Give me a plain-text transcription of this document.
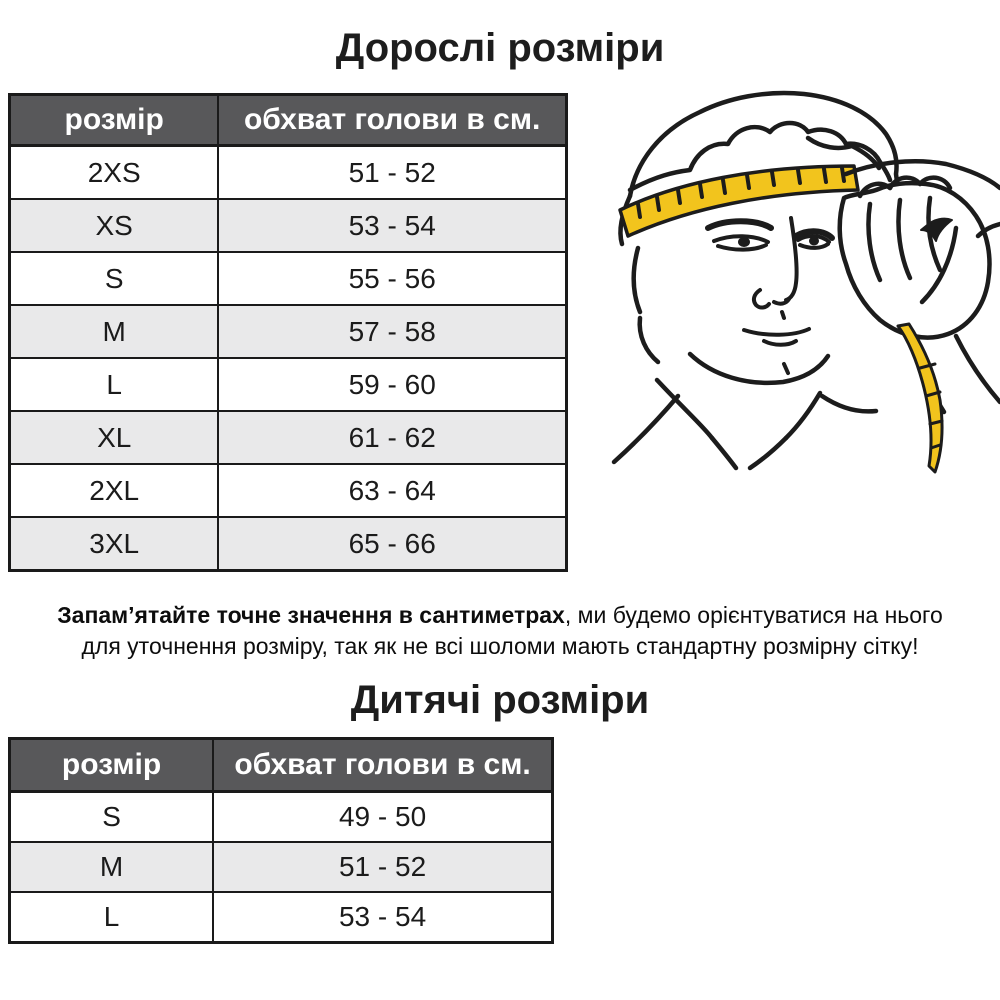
Дорослі розміри
розмір	обхват голови в см.
2XS	51 - 52
XS	53 - 54
S	55 - 56
M	57 - 58
L	59 - 60
XL	61 - 62
2XL	63 - 64
3XL	65 - 66

Запам’ятайте точне значення в сантиметрах, ми будемо орієнтуватися на нього
для уточнення розміру, так як не всі шоломи мають стандартну розмірну сітку!

Дитячі розміри
розмір	обхват голови в см.
S	49 - 50
M	51 - 52
L	53 - 54
